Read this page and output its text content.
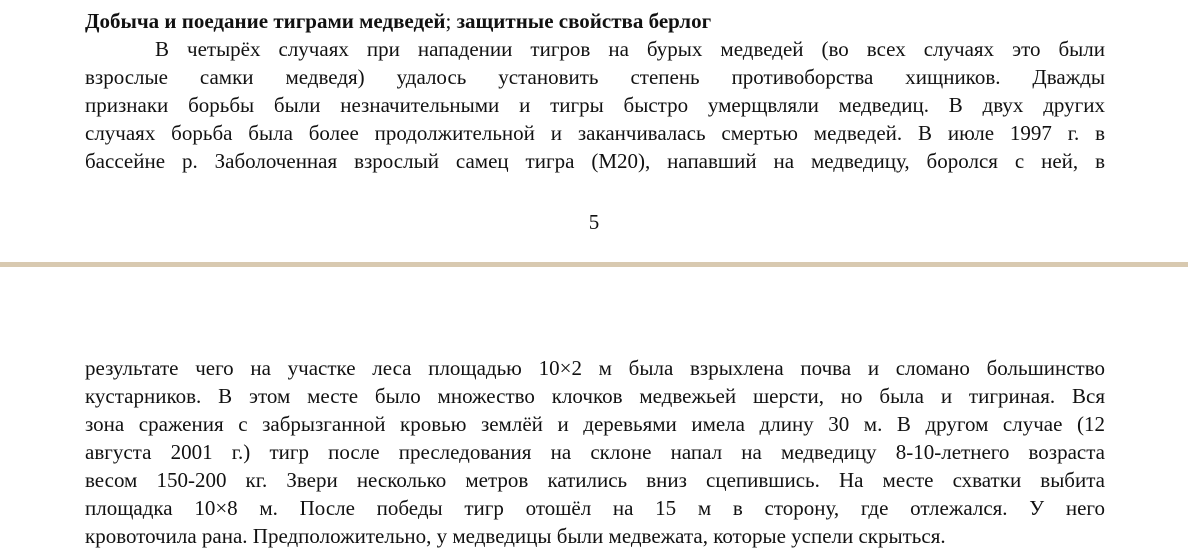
Добыча и поедание тиграми медведей; защитные свойства берлог
В четырёх случаях при нападении тигров на бурых медведей (во всех случаях это были
взрослые самки медведя) удалось установить степень противоборства хищников. Дважды
признаки борьбы были незначительными и тигры быстро умерщвляли медведиц. В двух других
случаях борьба была более продолжительной и заканчивалась смертью медведей. В июле 1997 г. в
бассейне р. Заболоченная взрослый самец тигра (М20), напавший на медведицу, боролся с ней, в
5
результате чего на участке леса площадью 10×2 м была взрыхлена почва и сломано большинство
кустарников. В этом месте было множество клочков медвежьей шерсти, но была и тигриная. Вся
зона сражения с забрызганной кровью землёй и деревьями имела длину 30 м. В другом случае (12
августа 2001 г.) тигр после преследования на склоне напал на медведицу 8-10-летнего возраста
весом 150-200 кг. Звери несколько метров катились вниз сцепившись. На месте схватки выбита
площадка 10×8 м. После победы тигр отошёл на 15 м в сторону, где отлежался. У него
кровоточила рана. Предположительно, у медведицы были медвежата, которые успели скрыться.
